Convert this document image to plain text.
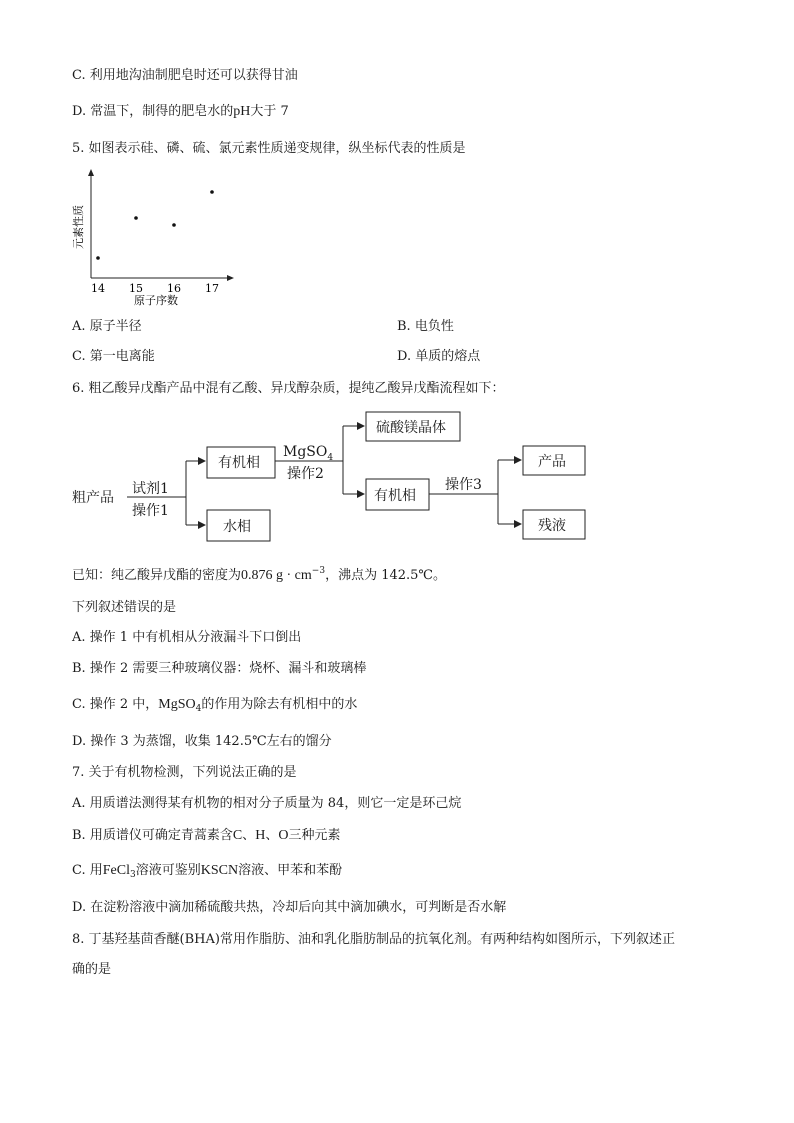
C. 利用地沟油制肥皂时还可以获得甘油
D. 常温下，制得的肥皂水的pH大于 7
5. 如图表示硅、磷、硫、氯元素性质递变规律，纵坐标代表的性质是
14 15 16 17
元素性质
原子序数
A. 原子半径	B. 电负性
C. 第一电离能	D. 单质的熔点
6. 粗乙酸异戊酯产品中混有乙酸、异戊醇杂质，提纯乙酸异戊酯流程如下：
粗产品
试剂1
操作1
有机相
水相
MgSO$_4$
操作2
硫酸镁晶体
有机相
操作3
产品
残液
已知：纯乙酸异戊酯的密度为0.876 $g \cdot cm^{-3}$，沸点为 142.5℃。
下列叙述错误的是
A. 操作 1 中有机相从分液漏斗下口倒出
B. 操作 2 需要三种玻璃仪器：烧杯、漏斗和玻璃棒
C. 操作 2 中，MgSO$_4$的作用为除去有机相中的水
D. 操作 3 为蒸馏，收集 142.5℃左右的馏分
7. 关于有机物检测，下列说法正确的是
A. 用质谱法测得某有机物的相对分子质量为 84，则它一定是环己烷
B. 用质谱仪可确定青蒿素含C、H、O三种元素
C. 用FeCl$_3$溶液可鉴别KSCN溶液、甲苯和苯酚
D. 在淀粉溶液中滴加稀硫酸共热，冷却后向其中滴加碘水，可判断是否水解
8. 丁基羟基茴香醚(BHA)常用作脂肪、油和乳化脂肪制品的抗氧化剂。有两种结构如图所示，下列叙述正
确的是
